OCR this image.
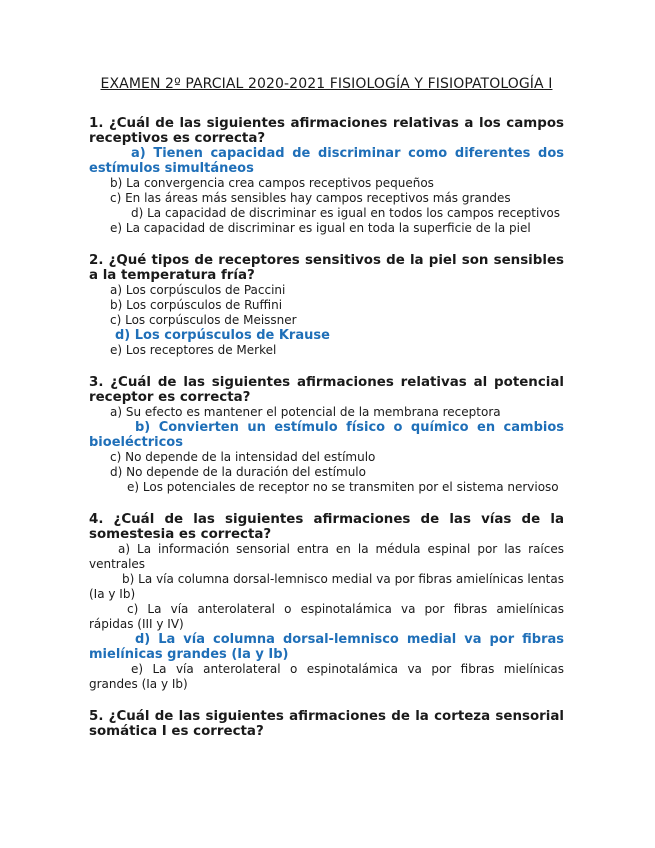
EXAMEN 2º PARCIAL 2020-2021 FISIOLOGÍA Y FISIOPATOLOGÍA I

1. ¿Cuál de las siguientes afirmaciones relativas a los campos receptivos es correcta?

a) Tienen capacidad de discriminar como diferentes dos estímulos simultáneos

b) La convergencia crea campos receptivos pequeños

c) En las áreas más sensibles hay campos receptivos más grandes

d) La capacidad de discriminar es igual en todos los campos receptivos

e) La capacidad de discriminar es igual en toda la superficie de la piel

2. ¿Qué tipos de receptores sensitivos de la piel son sensibles a la temperatura fría?

a) Los corpúsculos de Paccini

b) Los corpúsculos de Ruffini

c) Los corpúsculos de Meissner

d) Los corpúsculos de Krause

e) Los receptores de Merkel

3. ¿Cuál de las siguientes afirmaciones relativas al potencial receptor es correcta?

a) Su efecto es mantener el potencial de la membrana receptora

b) Convierten un estímulo físico o químico en cambios bioeléctricos

c) No depende de la intensidad del estímulo

d) No depende de la duración del estímulo

e) Los potenciales de receptor no se transmiten por el sistema nervioso

4. ¿Cuál de las siguientes afirmaciones de las vías de la somestesia es correcta?

a) La información sensorial entra en la médula espinal por las raíces ventrales

b) La vía columna dorsal-lemnisco medial va por fibras amielínicas lentas (Ia y Ib)

c) La vía anterolateral o espinotalámica va por fibras amielínicas rápidas (III y IV)

d) La vía columna dorsal-lemnisco medial va por fibras mielínicas grandes (Ia y Ib)

e) La vía anterolateral o espinotalámica va por fibras mielínicas grandes (Ia y Ib)

5. ¿Cuál de las siguientes afirmaciones de la corteza sensorial somática I es correcta?
